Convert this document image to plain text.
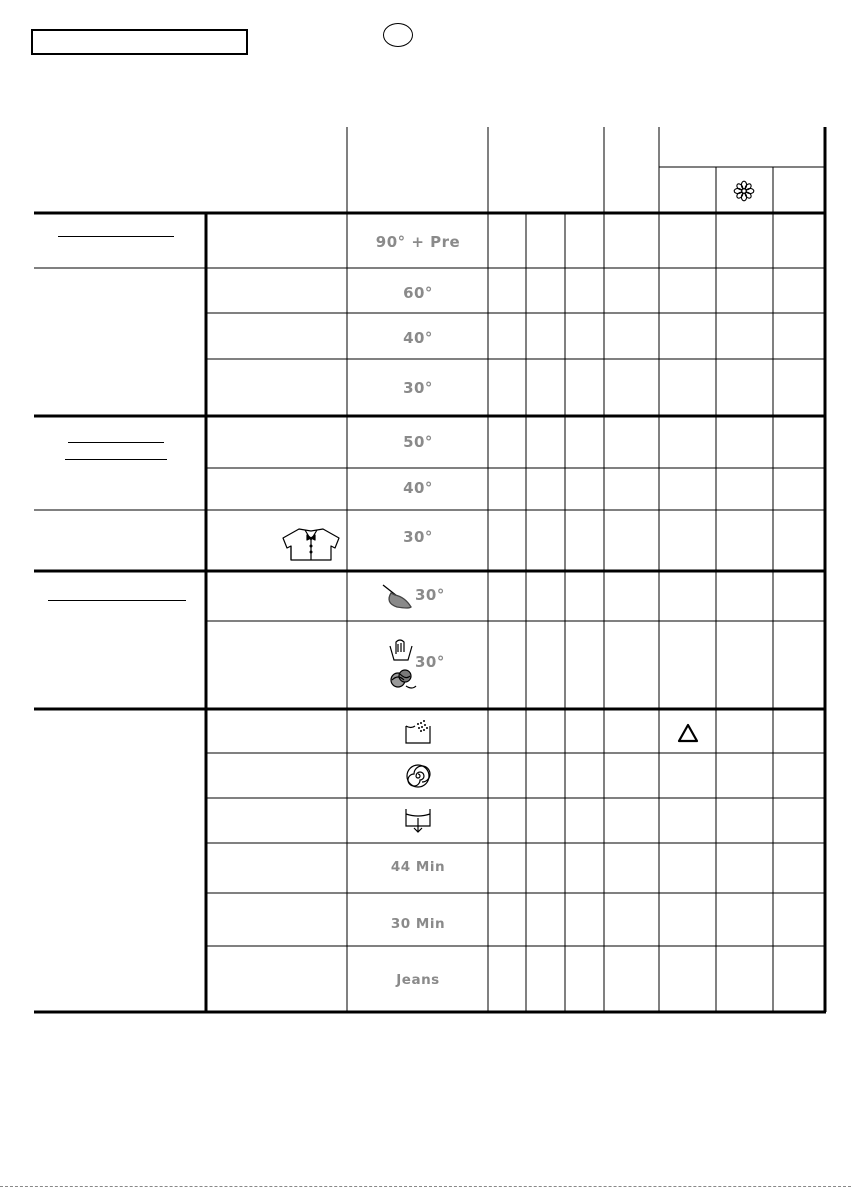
90° + Pre
60°
40°
30°
50°
40°
30°
30°
30°
44 Min
30 Min
Jeans
